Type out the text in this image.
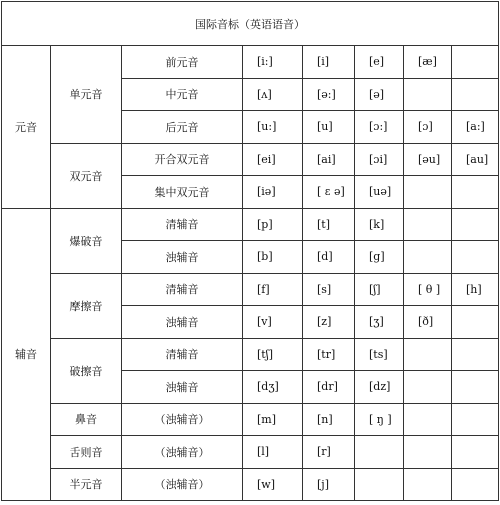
国际音标（英语语音）							
元音	单元音	前元音	[i:]	[i]	[e]	[æ]	
		中元音	[ʌ]	[ə:]	[ə]		
		后元音	[u:]	[u]	[ɔ:]	[ɔ]	[a:]
	双元音	开合双元音	[ei]	[ai]	[ɔi]	[əu]	[au]
		集中双元音	[iə]	[ ɛ ə]	[uə]		
辅音	爆破音	清辅音	[p]	[t]	[k]		
		浊辅音	[b]	[d]	[g]		
	摩擦音	清辅音	[f]	[s]	[ʃ]	[ θ ]	[h]
		浊辅音	[v]	[z]	[ʒ]	[ð]	
	破擦音	清辅音	[tʃ]	[tr]	[ts]		
		浊辅音	[dʒ]	[dr]	[dz]		
	鼻音	（浊辅音）	[m]	[n]	[ ŋ ]		
	舌则音	（浊辅音）	[l]	[r]			
	半元音	（浊辅音）	[w]	[j]			
